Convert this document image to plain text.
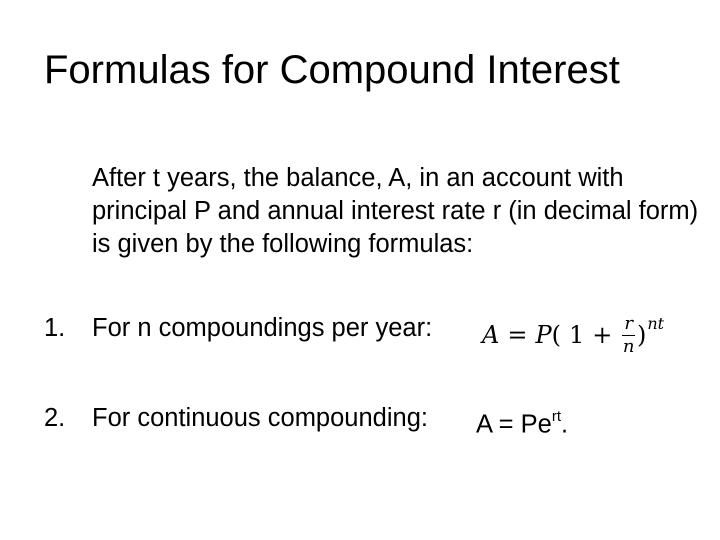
Formulas for Compound Interest
After t years, the balance, A, in an account with principal P and annual interest rate r (in decimal form) is given by the following formulas:
1. For n compoundings per year: A = P ( $1 + \frac{r}{n}$ ) nt
2. For continuous compounding: $A = Pe^{rt}$.
